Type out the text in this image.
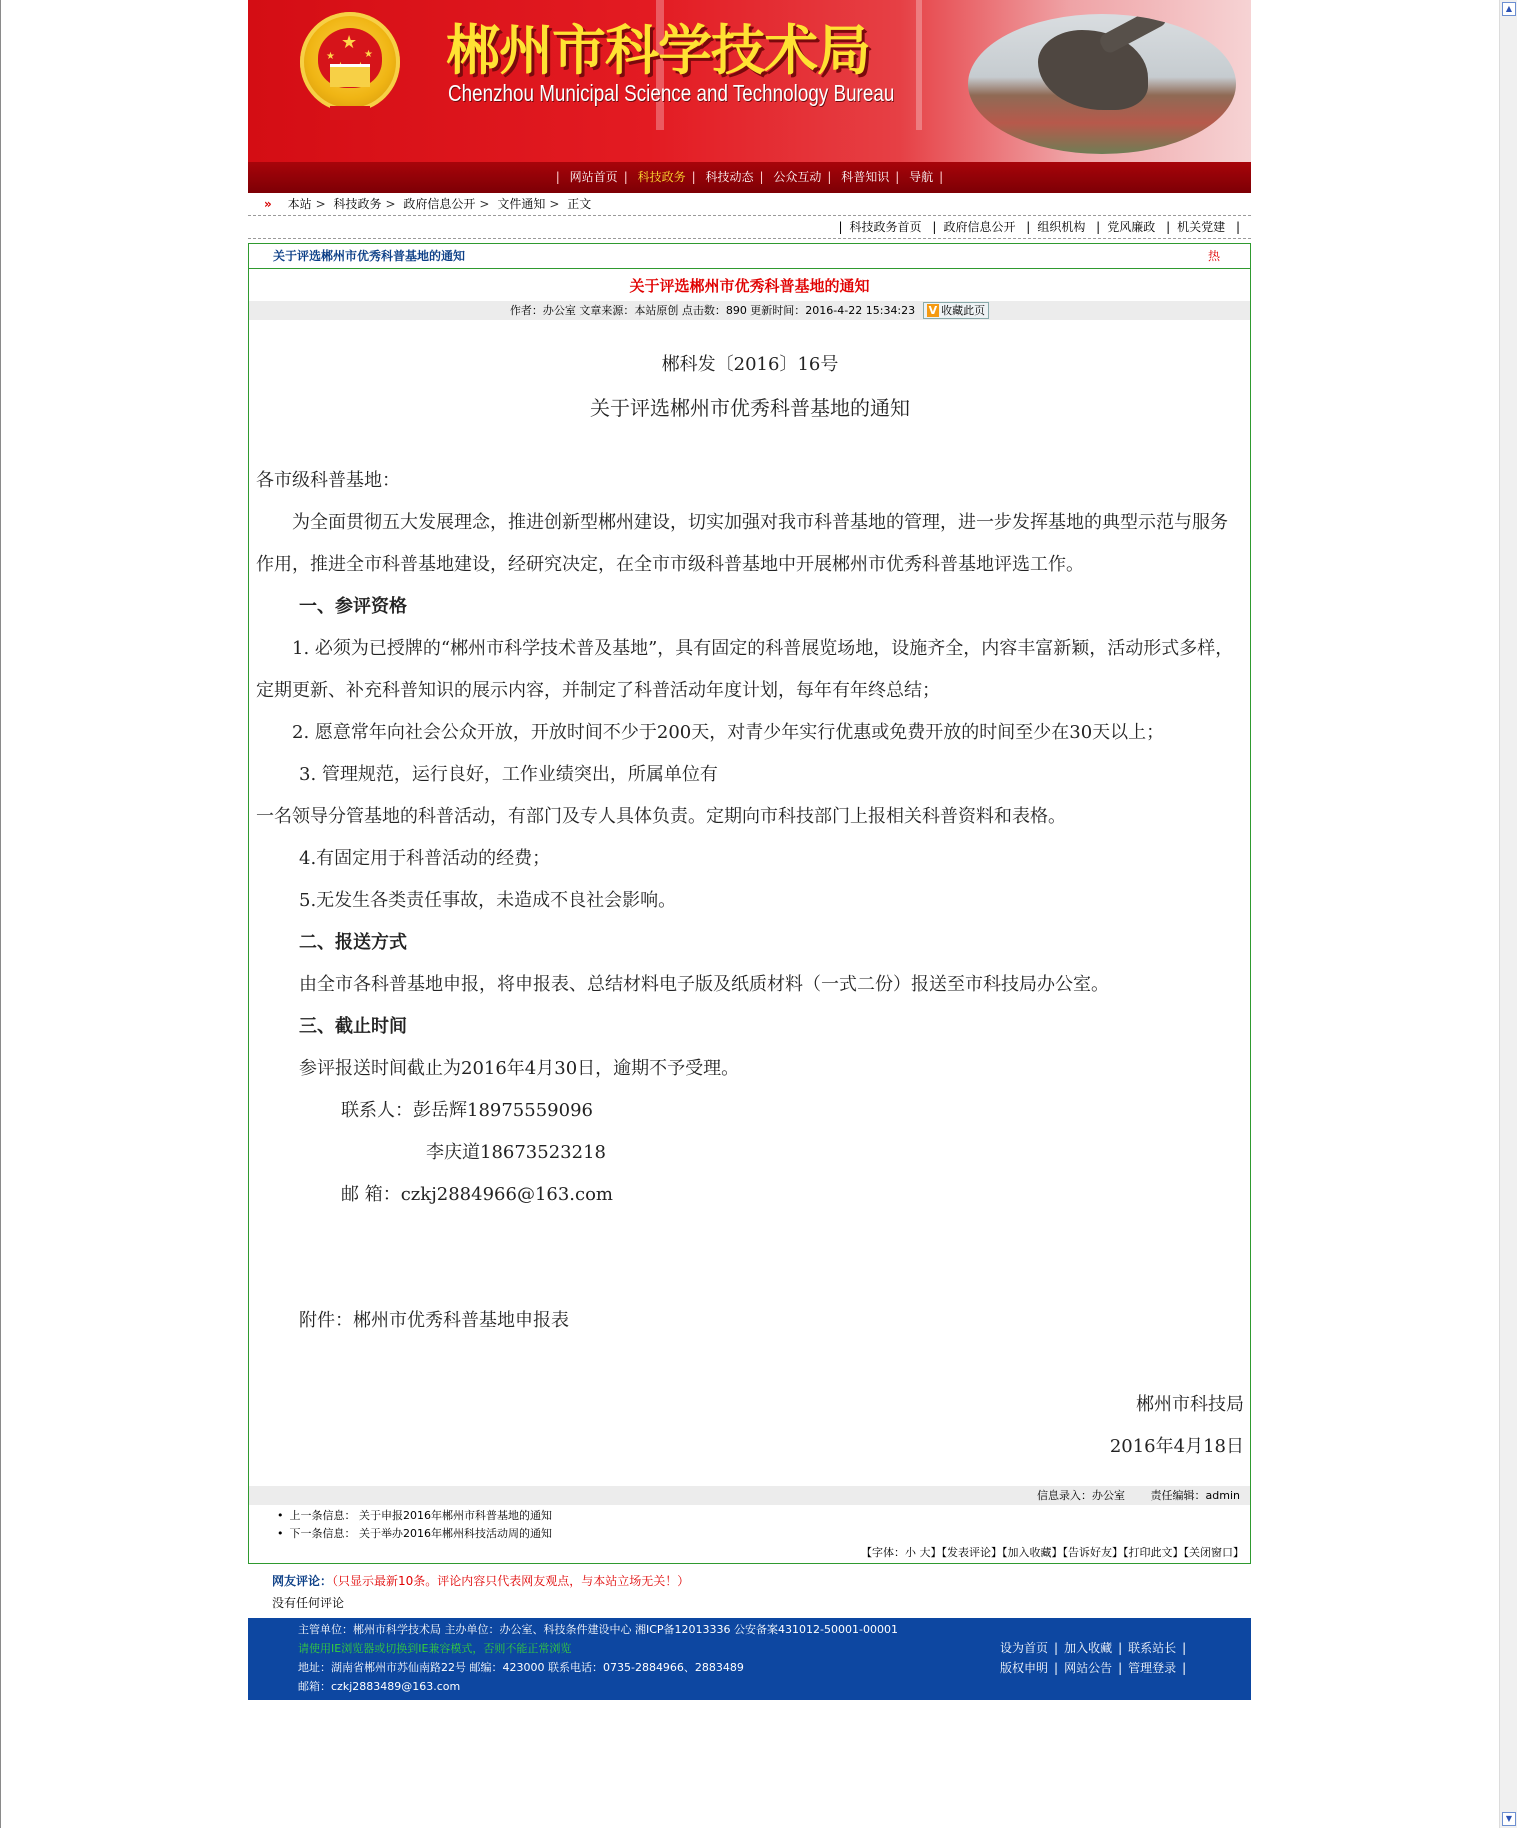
▲
▼
★
★	★ 郴州市科学技术局
Chenzhou Municipal Science and Technology Bureau
| 网站首页 | 科技政务 | 科技动态 | 公众互动 | 科普知识 | 导航 |
» 本站 > 科技政务 > 政府信息公开 > 文件通知 > 正文
| 科技政务首页 | 政府信息公开 | 组织机构 | 党风廉政 | 机关党建 |
关于评选郴州市优秀科普基地的通知	热
关于评选郴州市优秀科普基地的通知
作者：办公室 文章来源：本站原创 点击数：890 更新时间：2016-4-22 15:34:23 V 收藏此页

郴科发〔2016〕16号

关于评选郴州市优秀科普基地的通知

各市级科普基地：

为全面贯彻五大发展理念，推进创新型郴州建设，切实加强对我市科普基地的管理，进一步发挥基地的典型示范与服务作用，推进全市科普基地建设，经研究决定，在全市市级科普基地中开展郴州市优秀科普基地评选工作。

一、参评资格

1. 必须为已授牌的“郴州市科学技术普及基地”，具有固定的科普展览场地，设施齐全，内容丰富新颖，活动形式多样，定期更新、补充科普知识的展示内容，并制定了科普活动年度计划，每年有年终总结；

2. 愿意常年向社会公众开放，开放时间不少于200天，对青少年实行优惠或免费开放的时间至少在30天以上；

3. 管理规范，运行良好，工作业绩突出，所属单位有

一名领导分管基地的科普活动，有部门及专人具体负责。定期向市科技部门上报相关科普资料和表格。

4.有固定用于科普活动的经费；

5.无发生各类责任事故，未造成不良社会影响。

二、报送方式

由全市各科普基地申报，将申报表、总结材料电子版及纸质材料（一式二份）报送至市科技局办公室。

三、截止时间

参评报送时间截止为2016年4月30日，逾期不予受理。

联系人：彭岳辉18975559096

李庆道18673523218

邮 箱：czkj2884966@163.com

附件：郴州市优秀科普基地申报表

郴州市科技局

2016年4月18日

信息录入：办公室 责任编辑：admin
• 上一条信息： 关于申报2016年郴州市科普基地的通知
• 下一条信息： 关于举办2016年郴州科技活动周的通知
【字体：小 大】【发表评论】【加入收藏】【告诉好友】【打印此文】【关闭窗口】
网友评论：（只显示最新10条。评论内容只代表网友观点，与本站立场无关！）
没有任何评论
主管单位：郴州市科学技术局 主办单位：办公室、科技条件建设中心 湘ICP备12013336 公安备案431012-50001-00001
请使用IE浏览器或切换到IE兼容模式，否则不能正常浏览
地址：湖南省郴州市苏仙南路22号 邮编：423000 联系电话：0735-2884966、2883489
邮箱：czkj2883489@163.com
设为首页 | 加入收藏 | 联系站长 |
版权申明 | 网站公告 | 管理登录 |
